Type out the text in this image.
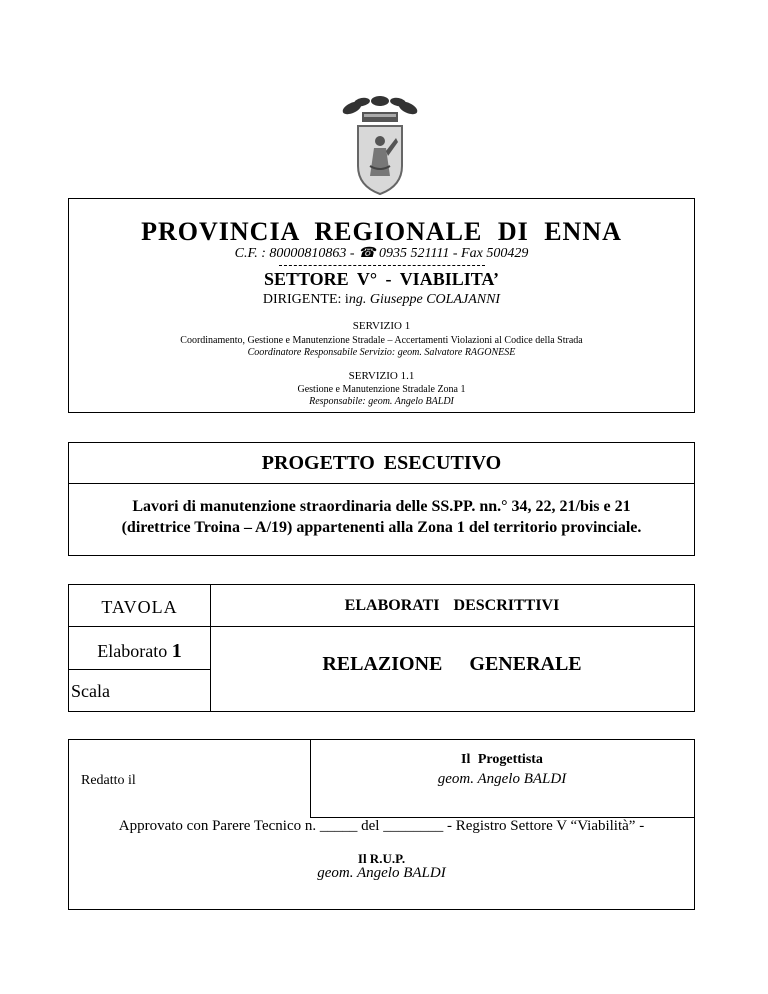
PROVINCIA REGIONALE DI ENNA
C.F. : 80000810863 - ☎ 0935 521111 - Fax 500429
SETTORE V° - VIABILITA’
DIRIGENTE: ing. Giuseppe COLAJANNI
SERVIZIO 1
Coordinamento, Gestione e Manutenzione Stradale – Accertamenti Violazioni al Codice della Strada
Coordinatore Responsabile Servizio: geom. Salvatore RAGONESE
SERVIZIO 1.1
Gestione e Manutenzione Stradale Zona 1
Responsabile: geom. Angelo BALDI
PROGETTO ESECUTIVO
Lavori di manutenzione straordinaria delle SS.PP. nn.° 34, 22, 21/bis e 21
(direttrice Troina – A/19) appartenenti alla Zona 1 del territorio provinciale.
TAVOLA	ELABORATI DESCRITTIVI
Elaborato 1
RELAZIONE GENERALE
Scala
Redatto il
Il Progettista
geom. Angelo BALDI
Approvato con Parere Tecnico n. _____ del ________ - Registro Settore V “Viabilità” -
Il R.U.P.
geom. Angelo BALDI
